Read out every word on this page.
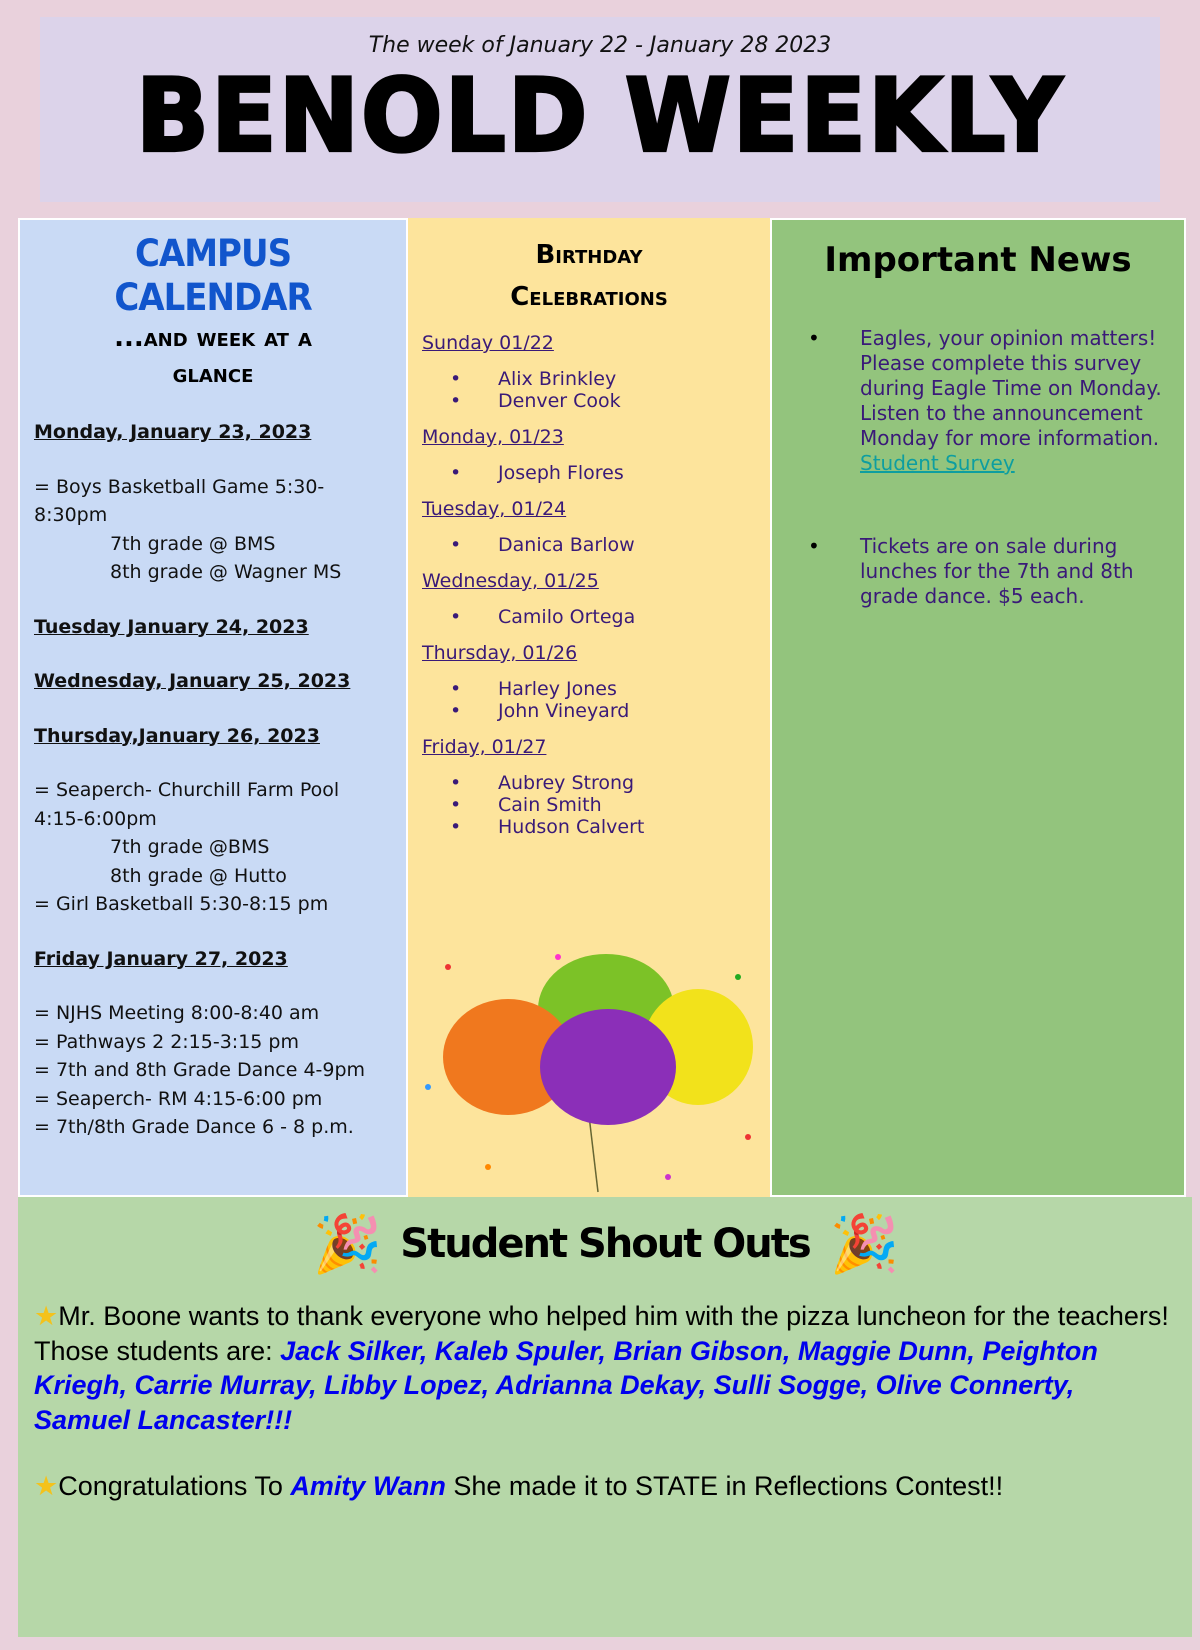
The week of January 22 - January 28 2023
BENOLD WEEKLY
CAMPUS CALENDAR
...and week at a glance
Monday, January 23, 2023
= Boys Basketball Game 5:30-8:30pm
7th grade @ BMS
8th grade @ Wagner MS
Tuesday January 24, 2023
Wednesday, January 25, 2023
Thursday,January 26, 2023
= Seaperch- Churchill Farm Pool 4:15-6:00pm
7th grade @BMS
8th grade @ Hutto
= Girl Basketball 5:30-8:15 pm
Friday January 27, 2023
= NJHS Meeting 8:00-8:40 am
= Pathways 2 2:15-3:15 pm
= 7th and 8th Grade Dance 4-9pm
= Seaperch- RM 4:15-6:00 pm
= 7th/8th Grade Dance 6 - 8 p.m.
Birthday Celebrations
Sunday 01/22
• Alix Brinkley
• Denver Cook
Monday, 01/23
• Joseph Flores
Tuesday, 01/24
• Danica Barlow
Wednesday, 01/25
• Camilo Ortega
Thursday, 01/26
• Harley Jones
• John Vineyard
Friday, 01/27
• Aubrey Strong
• Cain Smith
• Hudson Calvert
Important News
• Eagles, your opinion matters! Please complete this survey during Eagle Time on Monday. Listen to the announcement Monday for more information.
Student Survey
• Tickets are on sale during lunches for the 7th and 8th grade dance. $5 each.
🎉 Student Shout Outs 🎉

★Mr. Boone wants to thank everyone who helped him with the pizza luncheon for the teachers! Those students are: Jack Silker, Kaleb Spuler, Brian Gibson, Maggie Dunn, Peighton Kriegh, Carrie Murray, Libby Lopez, Adrianna Dekay, Sulli Sogge, Olive Connerty, Samuel Lancaster!!!

★Congratulations To Amity Wann She made it to STATE in Reflections Contest!!
